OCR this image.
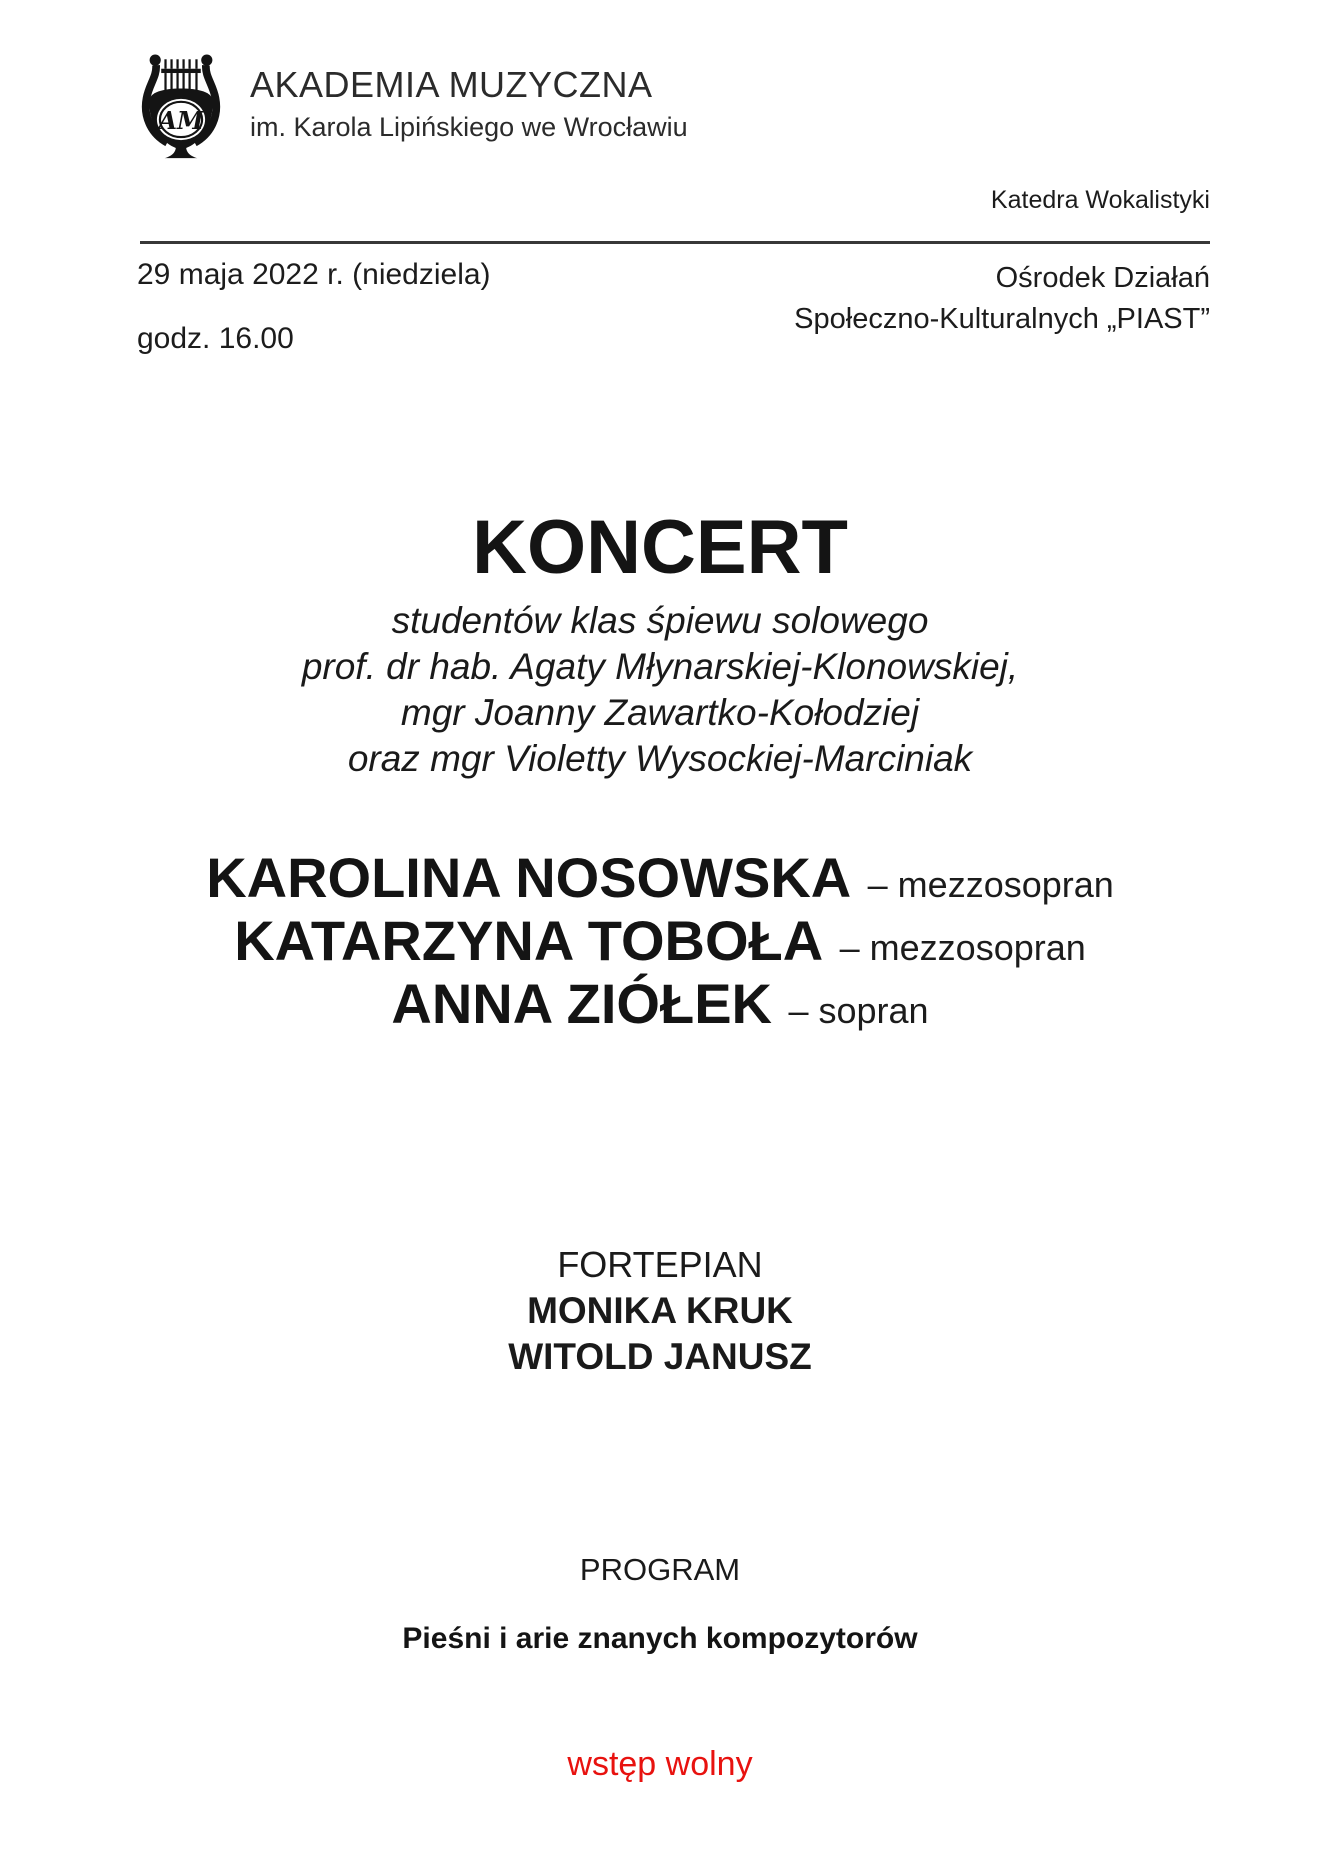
AM
AKADEMIA MUZYCZNA
im. Karola Lipińskiego we Wrocławiu
Katedra Wokalistyki
29 maja 2022 r. (niedziela)
godz. 16.00
Ośrodek Działań
Społeczno-Kulturalnych „PIAST”
KONCERT
studentów klas śpiewu solowego
prof. dr hab. Agaty Młynarskiej-Klonowskiej,
mgr Joanny Zawartko-Kołodziej
oraz mgr Violetty Wysockiej-Marciniak
KAROLINA NOSOWSKA – mezzosopran
KATARZYNA TOBOŁA – mezzosopran
ANNA ZIÓŁEK – sopran
FORTEPIAN
MONIKA KRUK
WITOLD JANUSZ
PROGRAM
Pieśni i arie znanych kompozytorów
wstęp wolny
